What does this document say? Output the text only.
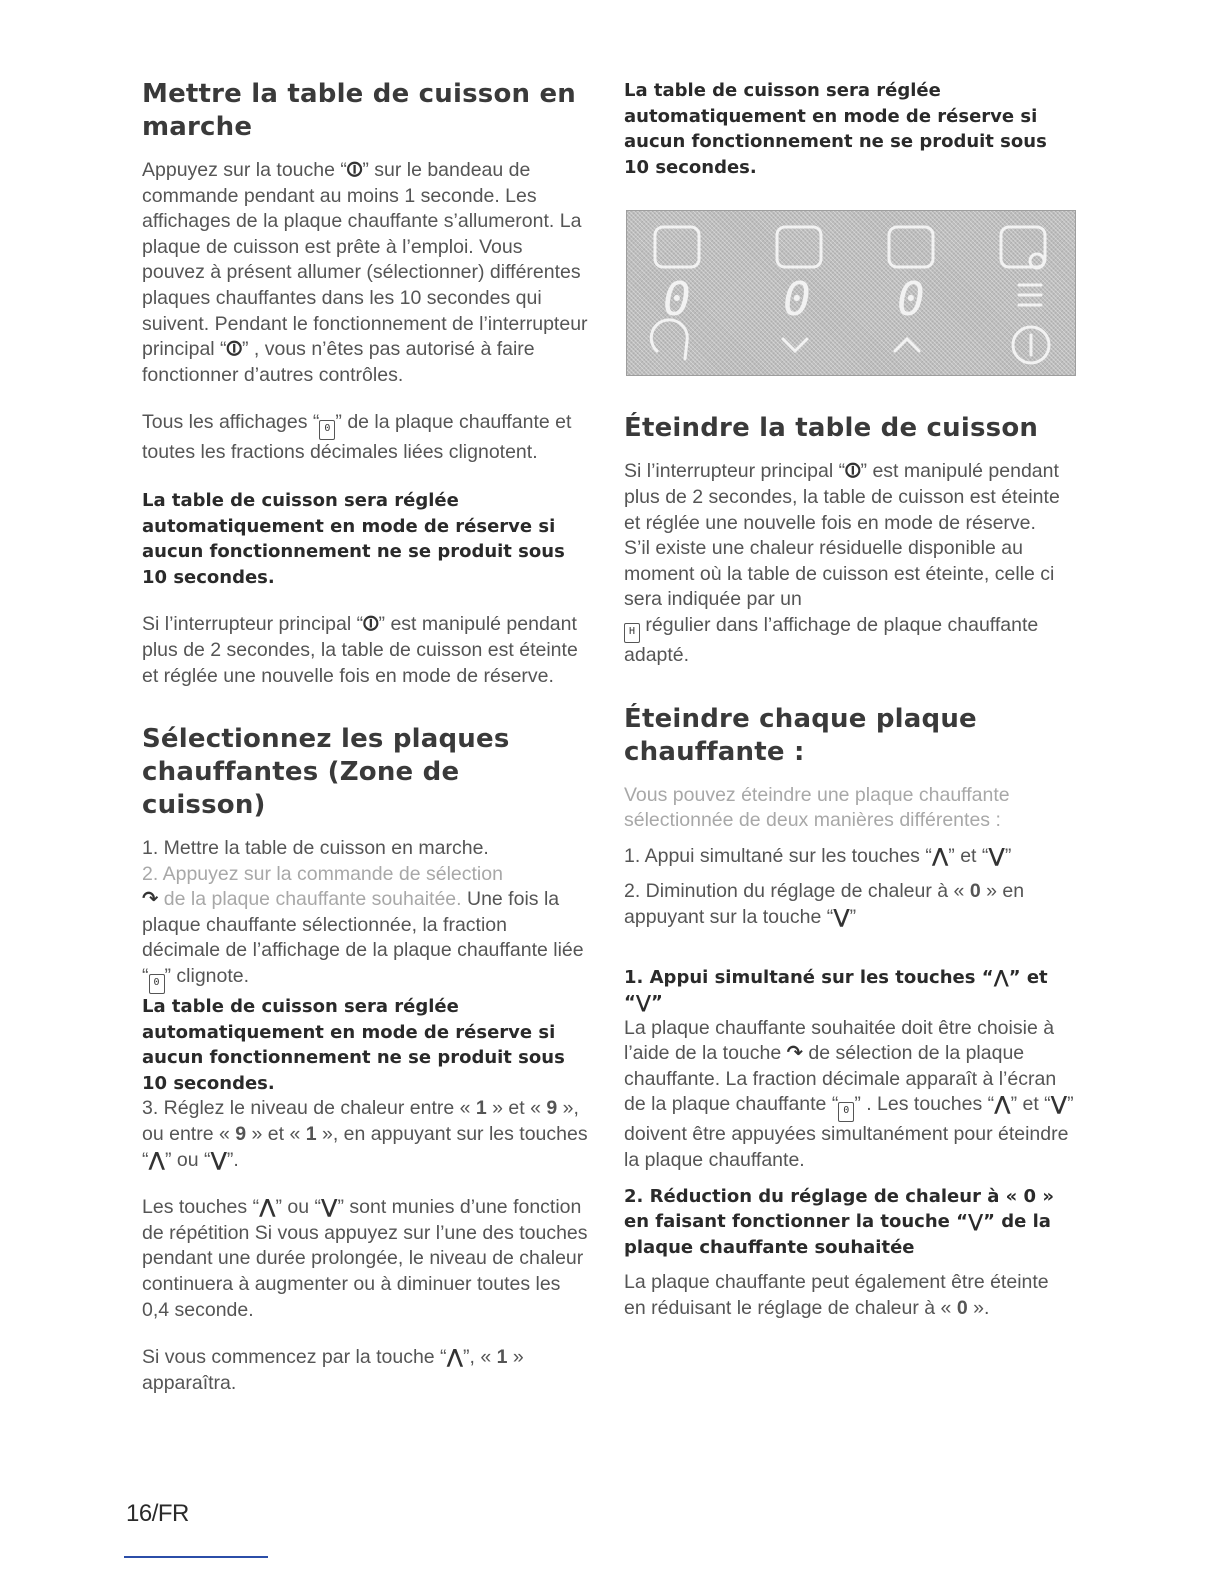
Mettre la table de cuisson en marche

Appuyez sur la touche “⏼” sur le bandeau de commande pendant au moins 1 seconde. Les affichages de la plaque chauffante s’allumeront. La plaque de cuisson est prête à l’emploi. Vous pouvez à présent allumer (sélectionner) différentes plaques chauffantes dans les 10 secondes qui suivent. Pendant le fonctionnement de l’interrupteur principal “⏼” , vous n’êtes pas autorisé à faire fonctionner d’autres contrôles.

Tous les affichages “ 0 ” de la plaque chauffante et toutes les fractions décimales liées clignotent.

La table de cuisson sera réglée automatiquement en mode de réserve si aucun fonctionnement ne se produit sous 10 secondes.

Si l’interrupteur principal “⏼” est manipulé pendant plus de 2 secondes, la table de cuisson est éteinte et réglée une nouvelle fois en mode de réserve.

Sélectionnez les plaques chauffantes (Zone de cuisson)

1. Mettre la table de cuisson en marche.

2. Appuyez sur la commande de sélection
↷ de la plaque chauffante souhaitée. Une fois la plaque chauffante sélectionnée, la fraction décimale de l’affichage de la plaque chauffante liée “ 0 ” clignote.

La table de cuisson sera réglée automatiquement en mode de réserve si aucun fonctionnement ne se produit sous 10 secondes.

3. Réglez le niveau de chaleur entre « 1 » et « 9 », ou entre « 9 » et « 1 », en appuyant sur les touches “⋀” ou “⋁”.

Les touches “⋀” ou “⋁” sont munies d’une fonction de répétition Si vous appuyez sur l’une des touches pendant une durée prolongée, le niveau de chaleur continuera à augmenter ou à diminuer toutes les 0,4 seconde.

Si vous commencez par la touche “⋀”, « 1 » apparaîtra.

La table de cuisson sera réglée automatiquement en mode de réserve si aucun fonctionnement ne se produit sous 10 secondes.

0 0 0
Éteindre la table de cuisson

Si l’interrupteur principal “⏼” est manipulé pendant plus de 2 secondes, la table de cuisson est éteinte et réglée une nouvelle fois en mode de réserve.

S’il existe une chaleur résiduelle disponible au moment où la table de cuisson est éteinte, celle ci sera indiquée par un
H régulier dans l’affichage de plaque chauffante adapté.

Éteindre chaque plaque chauffante :

Vous pouvez éteindre une plaque chauffante sélectionnée de deux manières différentes :

1. Appui simultané sur les touches “⋀” et “⋁”

2. Diminution du réglage de chaleur à « 0 » en appuyant sur la touche “⋁”

1. Appui simultané sur les touches “⋀” et “⋁”

La plaque chauffante souhaitée doit être choisie à l’aide de la touche ↷ de sélection de la plaque chauffante. La fraction décimale apparaît à l’écran de la plaque chauffante “ 0 ” . Les touches “⋀” et “⋁” doivent être appuyées simultanément pour éteindre la plaque chauffante.

2. Réduction du réglage de chaleur à « 0 » en faisant fonctionner la touche “⋁” de la plaque chauffante souhaitée

La plaque chauffante peut également être éteinte en réduisant le réglage de chaleur à « 0 ».

16/FR
